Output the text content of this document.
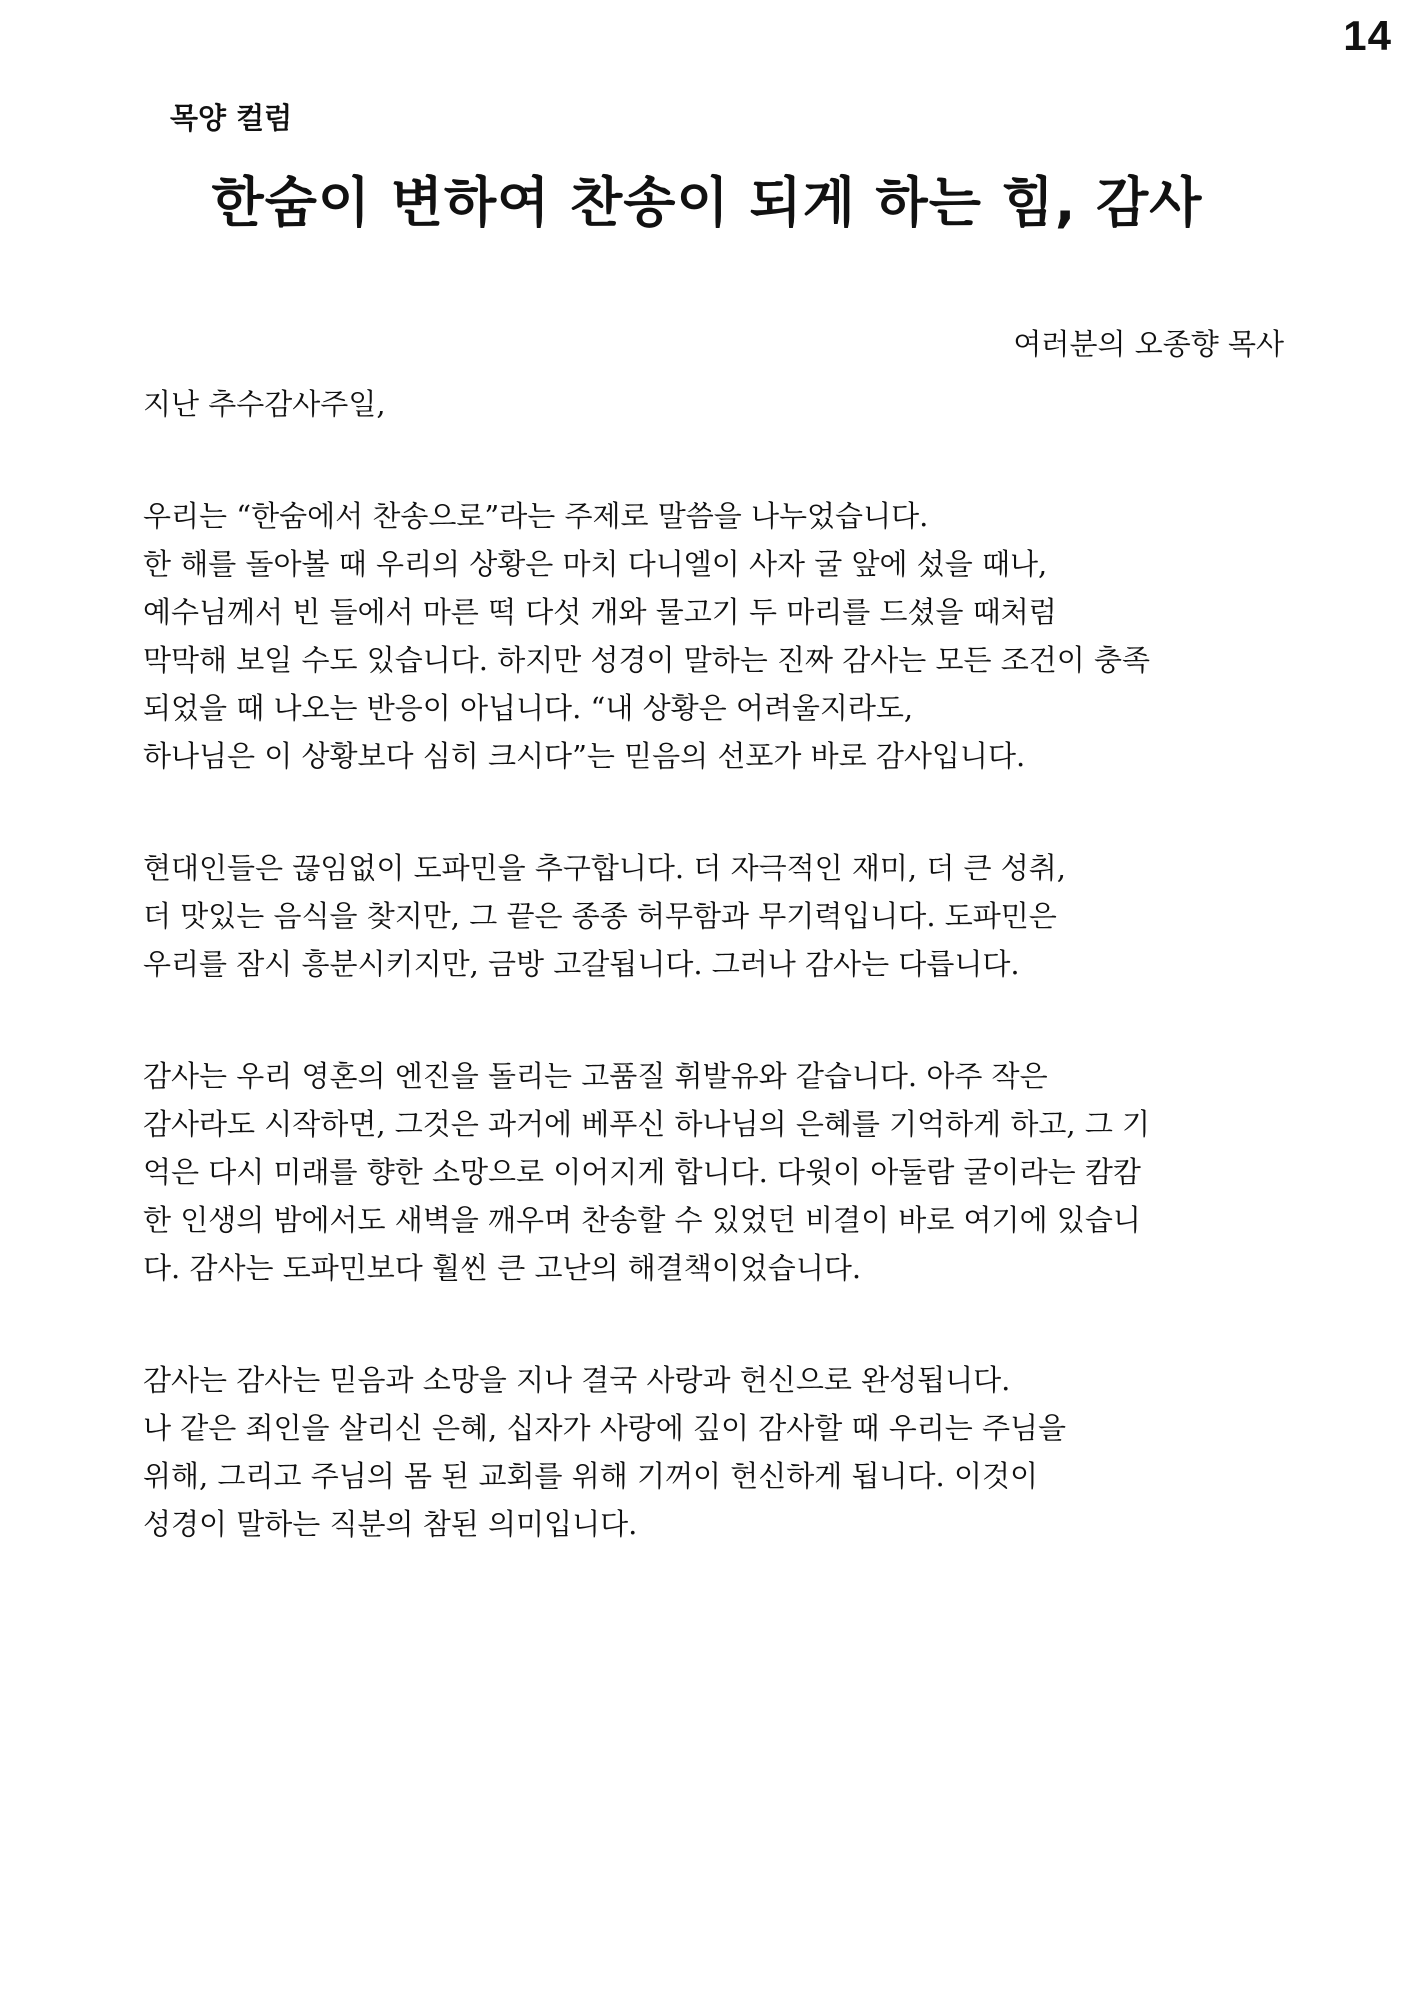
14
목양 컬럼
한숨이 변하여 찬송이 되게 하는 힘, 감사
여러분의 오종향 목사
지난 추수감사주일,
우리는 “한숨에서 찬송으로”라는 주제로 말씀을 나누었습니다.
한 해를 돌아볼 때 우리의 상황은 마치 다니엘이 사자 굴 앞에 섰을 때나,
예수님께서 빈 들에서 마른 떡 다섯 개와 물고기 두 마리를 드셨을 때처럼
막막해 보일 수도 있습니다. 하지만 성경이 말하는 진짜 감사는 모든 조건이 충족
되었을 때 나오는 반응이 아닙니다. “내 상황은 어려울지라도,
하나님은 이 상황보다 심히 크시다”는 믿음의 선포가 바로 감사입니다.
현대인들은 끊임없이 도파민을 추구합니다. 더 자극적인 재미, 더 큰 성취,
더 맛있는 음식을 찾지만, 그 끝은 종종 허무함과 무기력입니다. 도파민은
우리를 잠시 흥분시키지만, 금방 고갈됩니다. 그러나 감사는 다릅니다.
감사는 우리 영혼의 엔진을 돌리는 고품질 휘발유와 같습니다. 아주 작은
감사라도 시작하면, 그것은 과거에 베푸신 하나님의 은혜를 기억하게 하고, 그 기
억은 다시 미래를 향한 소망으로 이어지게 합니다. 다윗이 아둘람 굴이라는 캄캄
한 인생의 밤에서도 새벽을 깨우며 찬송할 수 있었던 비결이 바로 여기에 있습니
다. 감사는 도파민보다 훨씬 큰 고난의 해결책이었습니다.
감사는 감사는 믿음과 소망을 지나 결국 사랑과 헌신으로 완성됩니다.
나 같은 죄인을 살리신 은혜, 십자가 사랑에 깊이 감사할 때 우리는 주님을
위해, 그리고 주님의 몸 된 교회를 위해 기꺼이 헌신하게 됩니다. 이것이
성경이 말하는 직분의 참된 의미입니다.
